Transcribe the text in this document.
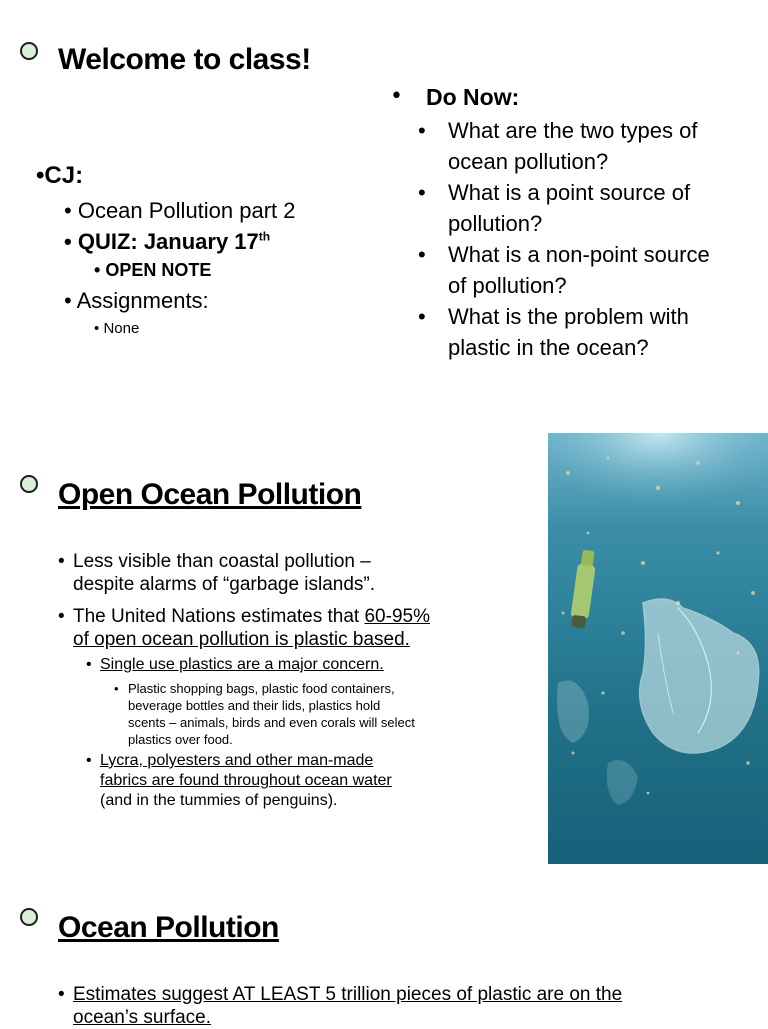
Welcome to class!
• Do Now:
• What are the two types of
ocean pollution?
• What is a point source of
pollution?
• What is a non-point source
of pollution?
• What is the problem with
plastic in the ocean?
•CJ:
• Ocean Pollution part 2
• QUIZ: January 17th
• OPEN NOTE
• Assignments:
• None
Open Ocean Pollution
• Less visible than coastal pollution –
despite alarms of “garbage islands”.
• The United Nations estimates that 60-95%
of open ocean pollution is plastic based.
• Single use plastics are a major concern.
• Plastic shopping bags, plastic food containers,
beverage bottles and their lids, plastics hold
scents – animals, birds and even corals will select
plastics over food.
• Lycra, polyesters and other man-made
fabrics are found throughout ocean water
(and in the tummies of penguins).
Ocean Pollution
• Estimates suggest AT LEAST 5 trillion pieces of plastic are on the
ocean’s surface.
